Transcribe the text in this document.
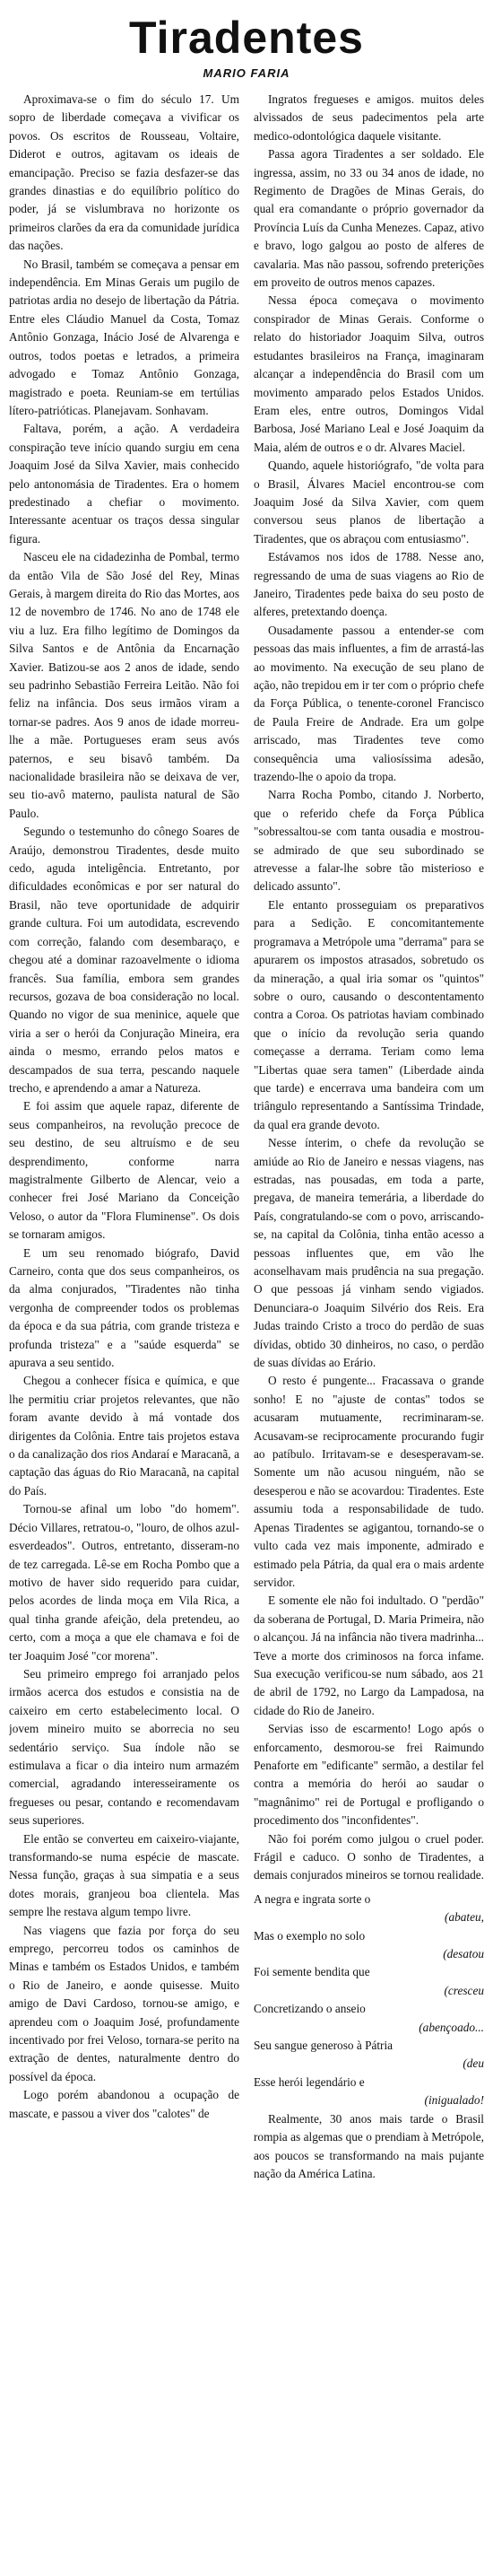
Tiradentes
MARIO FARIA

Aproximava-se o fim do século 17. Um sopro de liberdade começava a vivificar os povos. Os escritos de Rousseau, Voltaire, Diderot e outros, agitavam os ideais de emancipação. Preciso se fazia desfazer-se das grandes dinastias e do equilíbrio político do poder, já se vislumbrava no horizonte os primeiros clarões da era da comunidade jurídica das nações.

No Brasil, também se começava a pensar em independência. Em Minas Gerais um pugilo de patriotas ardia no desejo de libertação da Pátria. Entre eles Cláudio Manuel da Costa, Tomaz Antônio Gonzaga, Inácio José de Alvarenga e outros, todos poetas e letrados, a primeira advogado e Tomaz Antônio Gonzaga, magistrado e poeta. Reuniam-se em tertúlias lítero-patrióticas. Planejavam. Sonhavam.

Faltava, porém, a ação. A verdadeira conspiração teve início quando surgiu em cena Joaquim José da Silva Xavier, mais conhecido pelo antonomásia de Tiradentes. Era o homem predestinado a chefiar o movimento. Interessante acentuar os traços dessa singular figura.

Nasceu ele na cidadezinha de Pombal, termo da então Vila de São José del Rey, Minas Gerais, à margem direita do Rio das Mortes, aos 12 de novembro de 1746. No ano de 1748 ele viu a luz. Era filho legítimo de Domingos da Silva Santos e de Antônia da Encarnação Xavier. Batizou-se aos 2 anos de idade, sendo seu padrinho Sebastião Ferreira Leitão. Não foi feliz na infância. Dos seus irmãos viram a tornar-se padres. Aos 9 anos de idade morreu-lhe a mãe. Portugueses eram seus avós paternos, e seu bisavô também. Da nacionalidade brasileira não se deixava de ver, seu tio-avô materno, paulista natural de São Paulo.

Segundo o testemunho do cônego Soares de Araújo, demonstrou Tiradentes, desde muito cedo, aguda inteligência. Entretanto, por dificuldades econômicas e por ser natural do Brasil, não teve oportunidade de adquirir grande cultura. Foi um autodidata, escrevendo com correção, falando com desembaraço, e chegou até a dominar razoavelmente o idioma francês. Sua família, embora sem grandes recursos, gozava de boa consideração no local. Quando no vigor de sua meninice, aquele que viria a ser o herói da Conjuração Mineira, era ainda o mesmo, errando pelos matos e descampados de sua terra, pescando naquele trecho, e aprendendo a amar a Natureza.

E foi assim que aquele rapaz, diferente de seus companheiros, na revolução precoce de seu destino, de seu altruísmo e de seu desprendimento, conforme narra magistralmente Gilberto de Alencar, veio a conhecer frei José Mariano da Conceição Veloso, o autor da "Flora Fluminense". Os dois se tornaram amigos.

E um seu renomado biógrafo, David Carneiro, conta que dos seus companheiros, os da alma conjurados, "Tiradentes não tinha vergonha de compreender todos os problemas da época e da sua pátria, com grande tristeza e profunda tristeza" e a "saúde esquerda" se apurava a seu sentido.

Chegou a conhecer física e química, e que lhe permitiu criar projetos relevantes, que não foram avante devido à má vontade dos dirigentes da Colônia. Entre tais projetos estava o da canalização dos rios Andaraí e Maracanã, a captação das águas do Rio Maracanã, na capital do País.

Tornou-se afinal um lobo "do homem". Décio Villares, retratou-o, "louro, de olhos azul-esverdeados". Outros, entretanto, disseram-no de tez carregada. Lê-se em Rocha Pombo que a motivo de haver sido requerido para cuidar, pelos acordes de linda moça em Vila Rica, a qual tinha grande afeição, dela pretendeu, ao certo, com a moça a que ele chamava e foi de ter Joaquim José "cor morena".

Seu primeiro emprego foi arranjado pelos irmãos acerca dos estudos e consistia na de caixeiro em certo estabelecimento local. O jovem mineiro muito se aborrecia no seu sedentário serviço. Sua índole não se estimulava a ficar o dia inteiro num armazém comercial, agradando interesseiramente os fregueses ou pesar, contando e recomendavam seus superiores.

Ele então se converteu em caixeiro-viajante, transformando-se numa espécie de mascate. Nessa função, graças à sua simpatia e a seus dotes morais, granjeou boa clientela. Mas sempre lhe restava algum tempo livre.

Nas viagens que fazia por força do seu emprego, percorreu todos os caminhos de Minas e também os Estados Unidos, e também o Rio de Janeiro, e aonde quisesse. Muito amigo de Davi Cardoso, tornou-se amigo, e aprendeu com o Joaquim José, profundamente incentivado por frei Veloso, tornara-se perito na extração de dentes, naturalmente dentro do possível da época.

Logo porém abandonou a ocupação de mascate, e passou a viver dos "calotes" de

Ingratos fregueses e amigos. muitos deles alvissados de seus padecimentos pela arte medico-odontológica daquele visitante.

Passa agora Tiradentes a ser soldado. Ele ingressa, assim, no 33 ou 34 anos de idade, no Regimento de Dragões de Minas Gerais, do qual era comandante o próprio governador da Província Luís da Cunha Menezes. Capaz, ativo e bravo, logo galgou ao posto de alferes de cavalaria. Mas não passou, sofrendo preterições em proveito de outros menos capazes.

Nessa época começava o movimento conspirador de Minas Gerais. Conforme o relato do historiador Joaquim Silva, outros estudantes brasileiros na França, imaginaram alcançar a independência do Brasil com um movimento amparado pelos Estados Unidos. Eram eles, entre outros, Domingos Vidal Barbosa, José Mariano Leal e José Joaquim da Maia, além de outros e o dr. Alvares Maciel.

Quando, aquele historiógrafo, "de volta para o Brasil, Álvares Maciel encontrou-se com Joaquim José da Silva Xavier, com quem conversou seus planos de libertação a Tiradentes, que os abraçou com entusiasmo".

Estávamos nos idos de 1788. Nesse ano, regressando de uma de suas viagens ao Rio de Janeiro, Tiradentes pede baixa do seu posto de alferes, pretextando doença.

Ousadamente passou a entender-se com pessoas das mais influentes, a fim de arrastá-las ao movimento. Na execução de seu plano de ação, não trepidou em ir ter com o próprio chefe da Força Pública, o tenente-coronel Francisco de Paula Freire de Andrade. Era um golpe arriscado, mas Tiradentes teve como consequência uma valiosíssima adesão, trazendo-lhe o apoio da tropa.

Narra Rocha Pombo, citando J. Norberto, que o referido chefe da Força Pública "sobressaltou-se com tanta ousadia e mostrou-se admirado de que seu subordinado se atrevesse a falar-lhe sobre tão misterioso e delicado assunto".

Ele entanto prosseguiam os preparativos para a Sedição. E concomitantemente programava a Metrópole uma "derrama" para se apurarem os impostos atrasados, sobretudo os da mineração, a qual iria somar os "quintos" sobre o ouro, causando o descontentamento contra a Coroa. Os patriotas haviam combinado que o início da revolução seria quando começasse a derrama. Teriam como lema "Libertas quae sera tamen" (Liberdade ainda que tarde) e encerrava uma bandeira com um triângulo representando a Santíssima Trindade, da qual era grande devoto.

Nesse ínterim, o chefe da revolução se amiúde ao Rio de Janeiro e nessas viagens, nas estradas, nas pousadas, em toda a parte, pregava, de maneira temerária, a liberdade do País, congratulando-se com o povo, arriscando-se, na capital da Colônia, tinha então acesso a pessoas influentes que, em vão lhe aconselhavam mais prudência na sua pregação. O que pessoas já vinham sendo vigiados. Denunciara-o Joaquim Silvério dos Reis. Era Judas traindo Cristo a troco do perdão de suas dívidas, obtido 30 dinheiros, no caso, o perdão de suas dívidas ao Erário.

O resto é pungente... Fracassava o grande sonho! E no "ajuste de contas" todos se acusaram mutuamente, recriminaram-se. Acusavam-se reciprocamente procurando fugir ao patíbulo. Irritavam-se e desesperavam-se. Somente um não acusou ninguém, não se desesperou e não se acovardou: Tiradentes. Este assumiu toda a responsabilidade de tudo. Apenas Tiradentes se agigantou, tornando-se o vulto cada vez mais imponente, admirado e estimado pela Pátria, da qual era o mais ardente servidor.

E somente ele não foi indultado. O "perdão" da soberana de Portugal, D. Maria Primeira, não o alcançou. Já na infância não tivera madrinha... Teve a morte dos criminosos na forca infame. Sua execução verificou-se num sábado, aos 21 de abril de 1792, no Largo da Lampadosa, na cidade do Rio de Janeiro.

Servias isso de escarmento! Logo após o enforcamento, desmorou-se frei Raimundo Penaforte em "edificante" sermão, a destilar fel contra a memória do herói ao saudar o "magnânimo" rei de Portugal e profligando o procedimento dos "inconfidentes".

Não foi porém como julgou o cruel poder. Frágil e caduco. O sonho de Tiradentes, a demais conjurados mineiros se tornou realidade.

A negra e ingrata sorte o
(abateu,
Mas o exemplo no solo
(desatou
Foi semente bendita que
(cresceu
Concretizando o anseio
(abençoado...
Seu sangue generoso à Pátria
(deu
Esse herói legendário e
(inigualado!

Realmente, 30 anos mais tarde o Brasil rompia as algemas que o prendiam à Metrópole, aos poucos se transformando na mais pujante nação da América Latina.
